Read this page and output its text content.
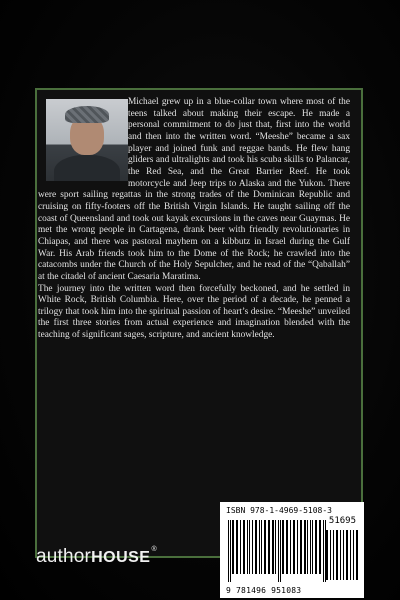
Michael grew up in a blue-collar town where most of the teens talked about making their escape. He made a personal commitment to do just that, first into the world and then into the written word. “Meeshe” became a sax player and joined funk and reggae bands. He flew hang gliders and ultralights and took his scuba skills to Palancar, the Red Sea, and the Great Barrier Reef. He took motorcycle and Jeep trips to Alaska and the Yukon. There were sport sailing regattas in the strong trades of the Dominican Republic and cruising on fifty-footers off the British Virgin Islands. He taught sailing off the coast of Queensland and took out kayak excursions in the caves near Guaymas. He met the wrong people in Cartagena, drank beer with friendly revolutionaries in Chiapas, and there was pastoral mayhem on a kibbutz in Israel during the Gulf War. His Arab friends took him to the Dome of the Rock; he crawled into the catacombs under the Church of the Holy Sepulcher, and he read of the “Qaballah” at the citadel of ancient Caesaria Maratima.

The journey into the written word then forcefully beckoned, and he settled in White Rock, British Columbia. Here, over the period of a decade, he penned a trilogy that took him into the spiritual passion of heart’s desire. “Meeshe” unveiled the first three stories from actual experience and imagination blended with the teaching of significant sages, scripture, and ancient knowledge.

authorHOUSE®
ISBN 978-1-4969-5108-3
51695
9 781496 951083
